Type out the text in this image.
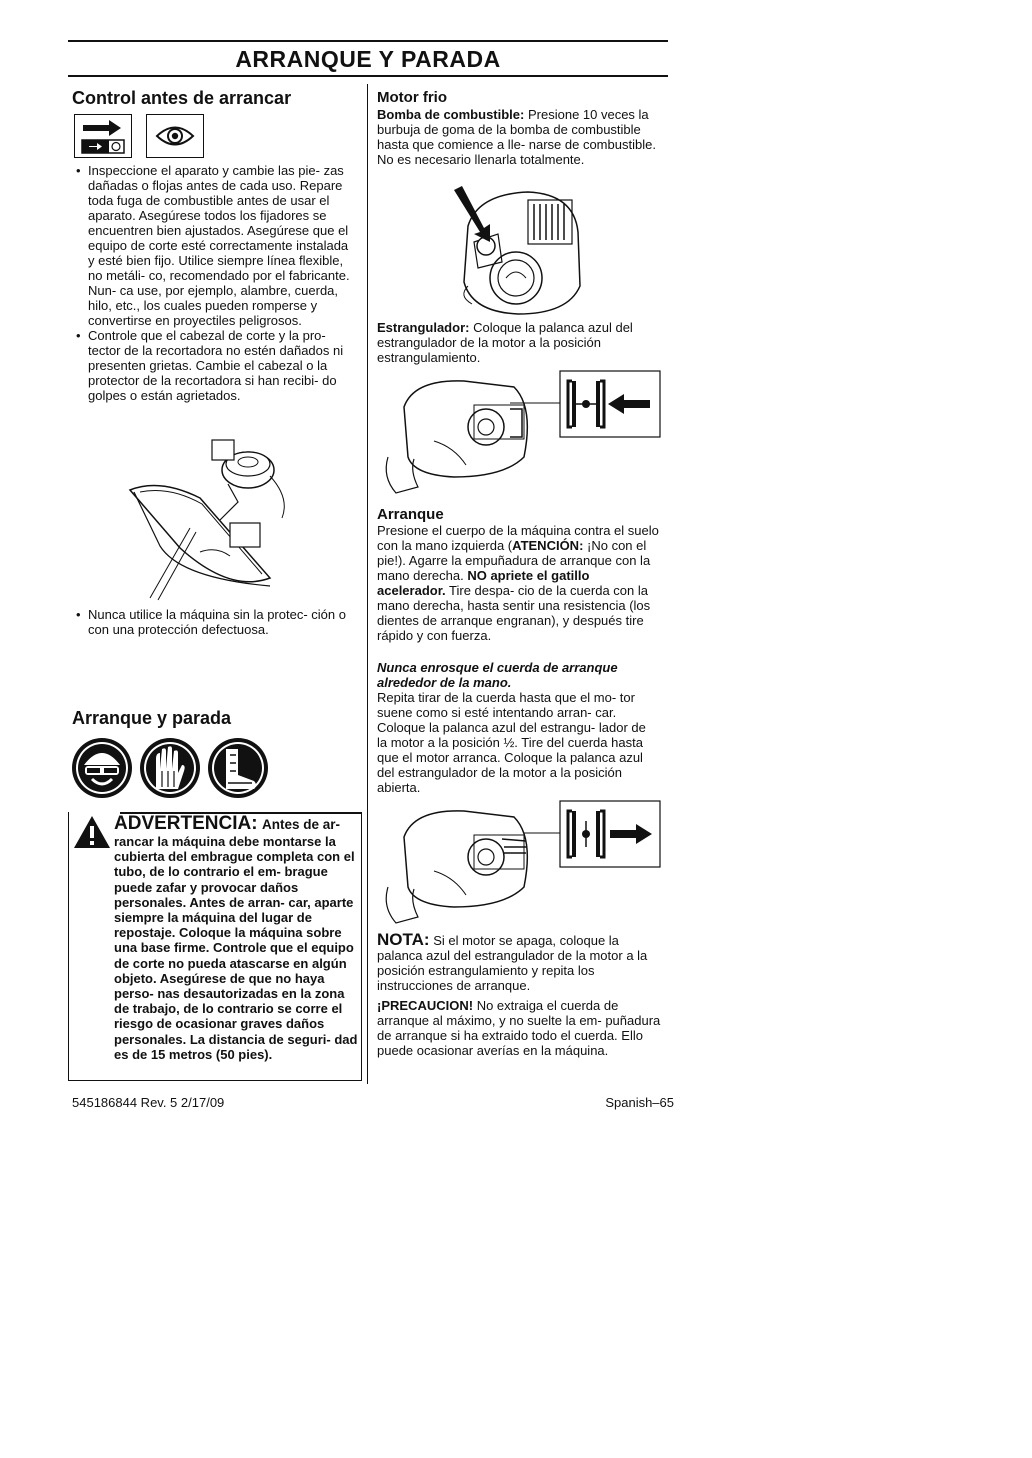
ARRANQUE Y PARADA
Control antes de arrancar
• Inspeccione el aparato y cambie las pie- zas dañadas o flojas antes de cada uso. Repare toda fuga de combustible antes de usar el aparato. Asegúrese todos los fijadores se encuentren bien ajustados. Asegúrese que el equipo de corte esté correctamente instalada y esté bien fijo. Utilice siempre línea flexible, no metáli- co, recomendado por el fabricante. Nun- ca use, por ejemplo, alambre, cuerda, hilo, etc., los cuales pueden romperse y convertirse en proyectiles peligrosos.
• Controle que el cabezal de corte y la pro- tector de la recortadora no estén dañados ni presenten grietas. Cambie el cabezal o la protector de la recortadora si han recibi- do golpes o están agrietados.
• Nunca utilice la máquina sin la protec- ción o con una protección defectuosa.
Arranque y parada
ADVERTENCIA: Antes de ar-
rancar la máquina debe montarse la cubierta del embrague completa con el tubo, de lo contrario el em- brague puede zafar y provocar daños personales. Antes de arran- car, aparte siempre la máquina del lugar de repostaje. Coloque la máquina sobre una base firme. Controle que el equipo de corte no pueda atascarse en algún objeto. Asegúrese de que no haya perso- nas desautorizadas en la zona de trabajo, de lo contrario se corre el riesgo de ocasionar graves daños personales. La distancia de seguri- dad es de 15 metros (50 pies).
Motor frio
Bomba de combustible: Presione 10 veces la burbuja de goma de la bomba de combustible hasta que comience a lle- narse de combustible. No es necesario llenarla totalmente.
Estrangulador: Coloque la palanca azul del estrangulador de la motor a la posición estrangulamiento.
Arranque
Presione el cuerpo de la máquina contra el suelo con la mano izquierda (ATENCIÓN: ¡No con el pie!). Agarre la empuñadura de arranque con la mano derecha. NO apriete el gatillo acelerador. Tire despa- cio de la cuerda con la mano derecha, hasta sentir una resistencia (los dientes de arranque engranan), y después tire rápido y con fuerza.
Nunca enrosque el cuerda de arranque alrededor de la mano.
Repita tirar de la cuerda hasta que el mo- tor suene como si esté intentando arran- car. Coloque la palanca azul del estrangu- lador de la motor a la posición ½. Tire del cuerda hasta que el motor arranca. Coloque la palanca azul del estrangulador de la motor a la posición abierta.
NOTA: Si el motor se apaga, coloque la palanca azul del estrangulador de la motor a la posición estrangulamiento y repita los instrucciones de arranque.
¡PRECAUCION! No extraiga el cuerda de arranque al máximo, y no suelte la em- puñadura de arranque si ha extraido todo el cuerda. Ello puede ocasionar averías en la máquina.
545186844 Rev. 5 2/17/09	Spanish–65
